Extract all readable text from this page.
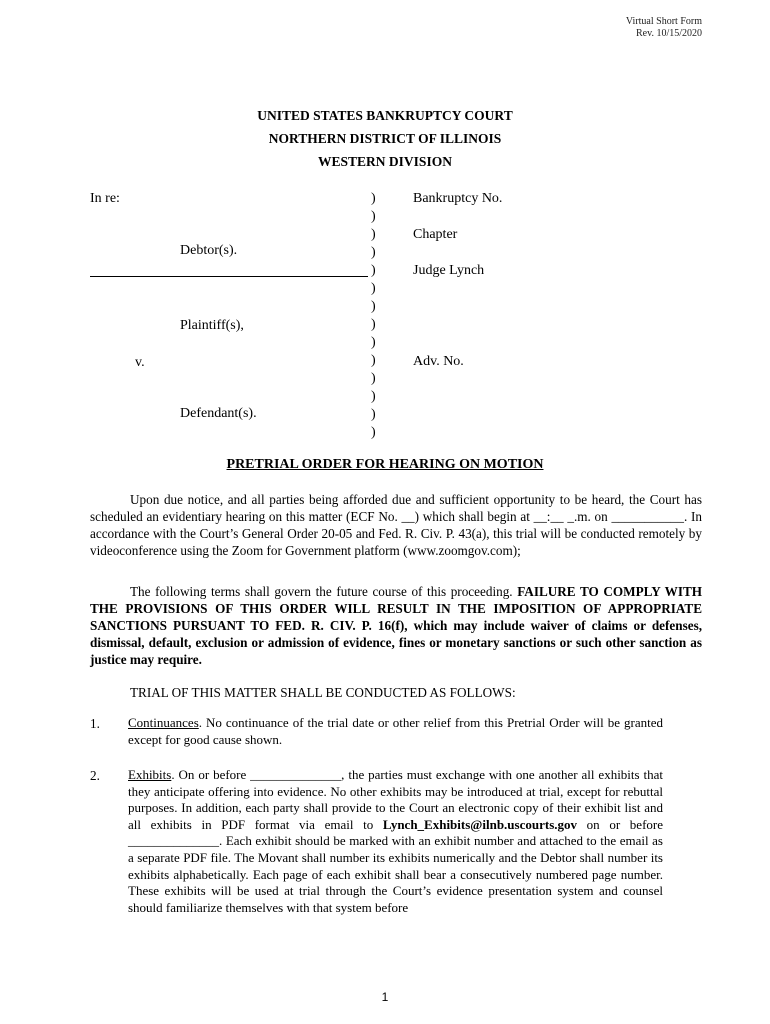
Virtual Short Form
Rev. 10/15/2020
UNITED STATES BANKRUPTCY COURT
NORTHERN DISTRICT OF ILLINOIS
WESTERN DIVISION
In re:
Debtor(s).
Plaintiff(s),
v.
Defendant(s).
)
)
)
)
)
)
)
)
)
)
)
)
)
)
Bankruptcy No.
Chapter
Judge Lynch
Adv. No.
PRETRIAL ORDER FOR HEARING ON MOTION
Upon due notice, and all parties being afforded due and sufficient opportunity to be heard, the Court has scheduled an evidentiary hearing on this matter (ECF No. __) which shall begin at __:__ _.m. on ___________. In accordance with the Court’s General Order 20-05 and Fed. R. Civ. P. 43(a), this trial will be conducted remotely by videoconference using the Zoom for Government platform (www.zoomgov.com);
The following terms shall govern the future course of this proceeding. FAILURE TO COMPLY WITH THE PROVISIONS OF THIS ORDER WILL RESULT IN THE IMPOSITION OF APPROPRIATE SANCTIONS PURSUANT TO FED. R. CIV. P. 16(f), which may include waiver of claims or defenses, dismissal, default, exclusion or admission of evidence, fines or monetary sanctions or such other sanction as justice may require.
TRIAL OF THIS MATTER SHALL BE CONDUCTED AS FOLLOWS:
1. Continuances. No continuance of the trial date or other relief from this Pretrial Order will be granted except for good cause shown.
2. Exhibits. On or before ______________, the parties must exchange with one another all exhibits that they anticipate offering into evidence. No other exhibits may be introduced at trial, except for rebuttal purposes. In addition, each party shall provide to the Court an electronic copy of their exhibit list and all exhibits in PDF format via email to Lynch_Exhibits@ilnb.uscourts.gov on or before ______________. Each exhibit should be marked with an exhibit number and attached to the email as a separate PDF file. The Movant shall number its exhibits numerically and the Debtor shall number its exhibits alphabetically. Each page of each exhibit shall bear a consecutively numbered page number. These exhibits will be used at trial through the Court’s evidence presentation system and counsel should familiarize themselves with that system before
1
